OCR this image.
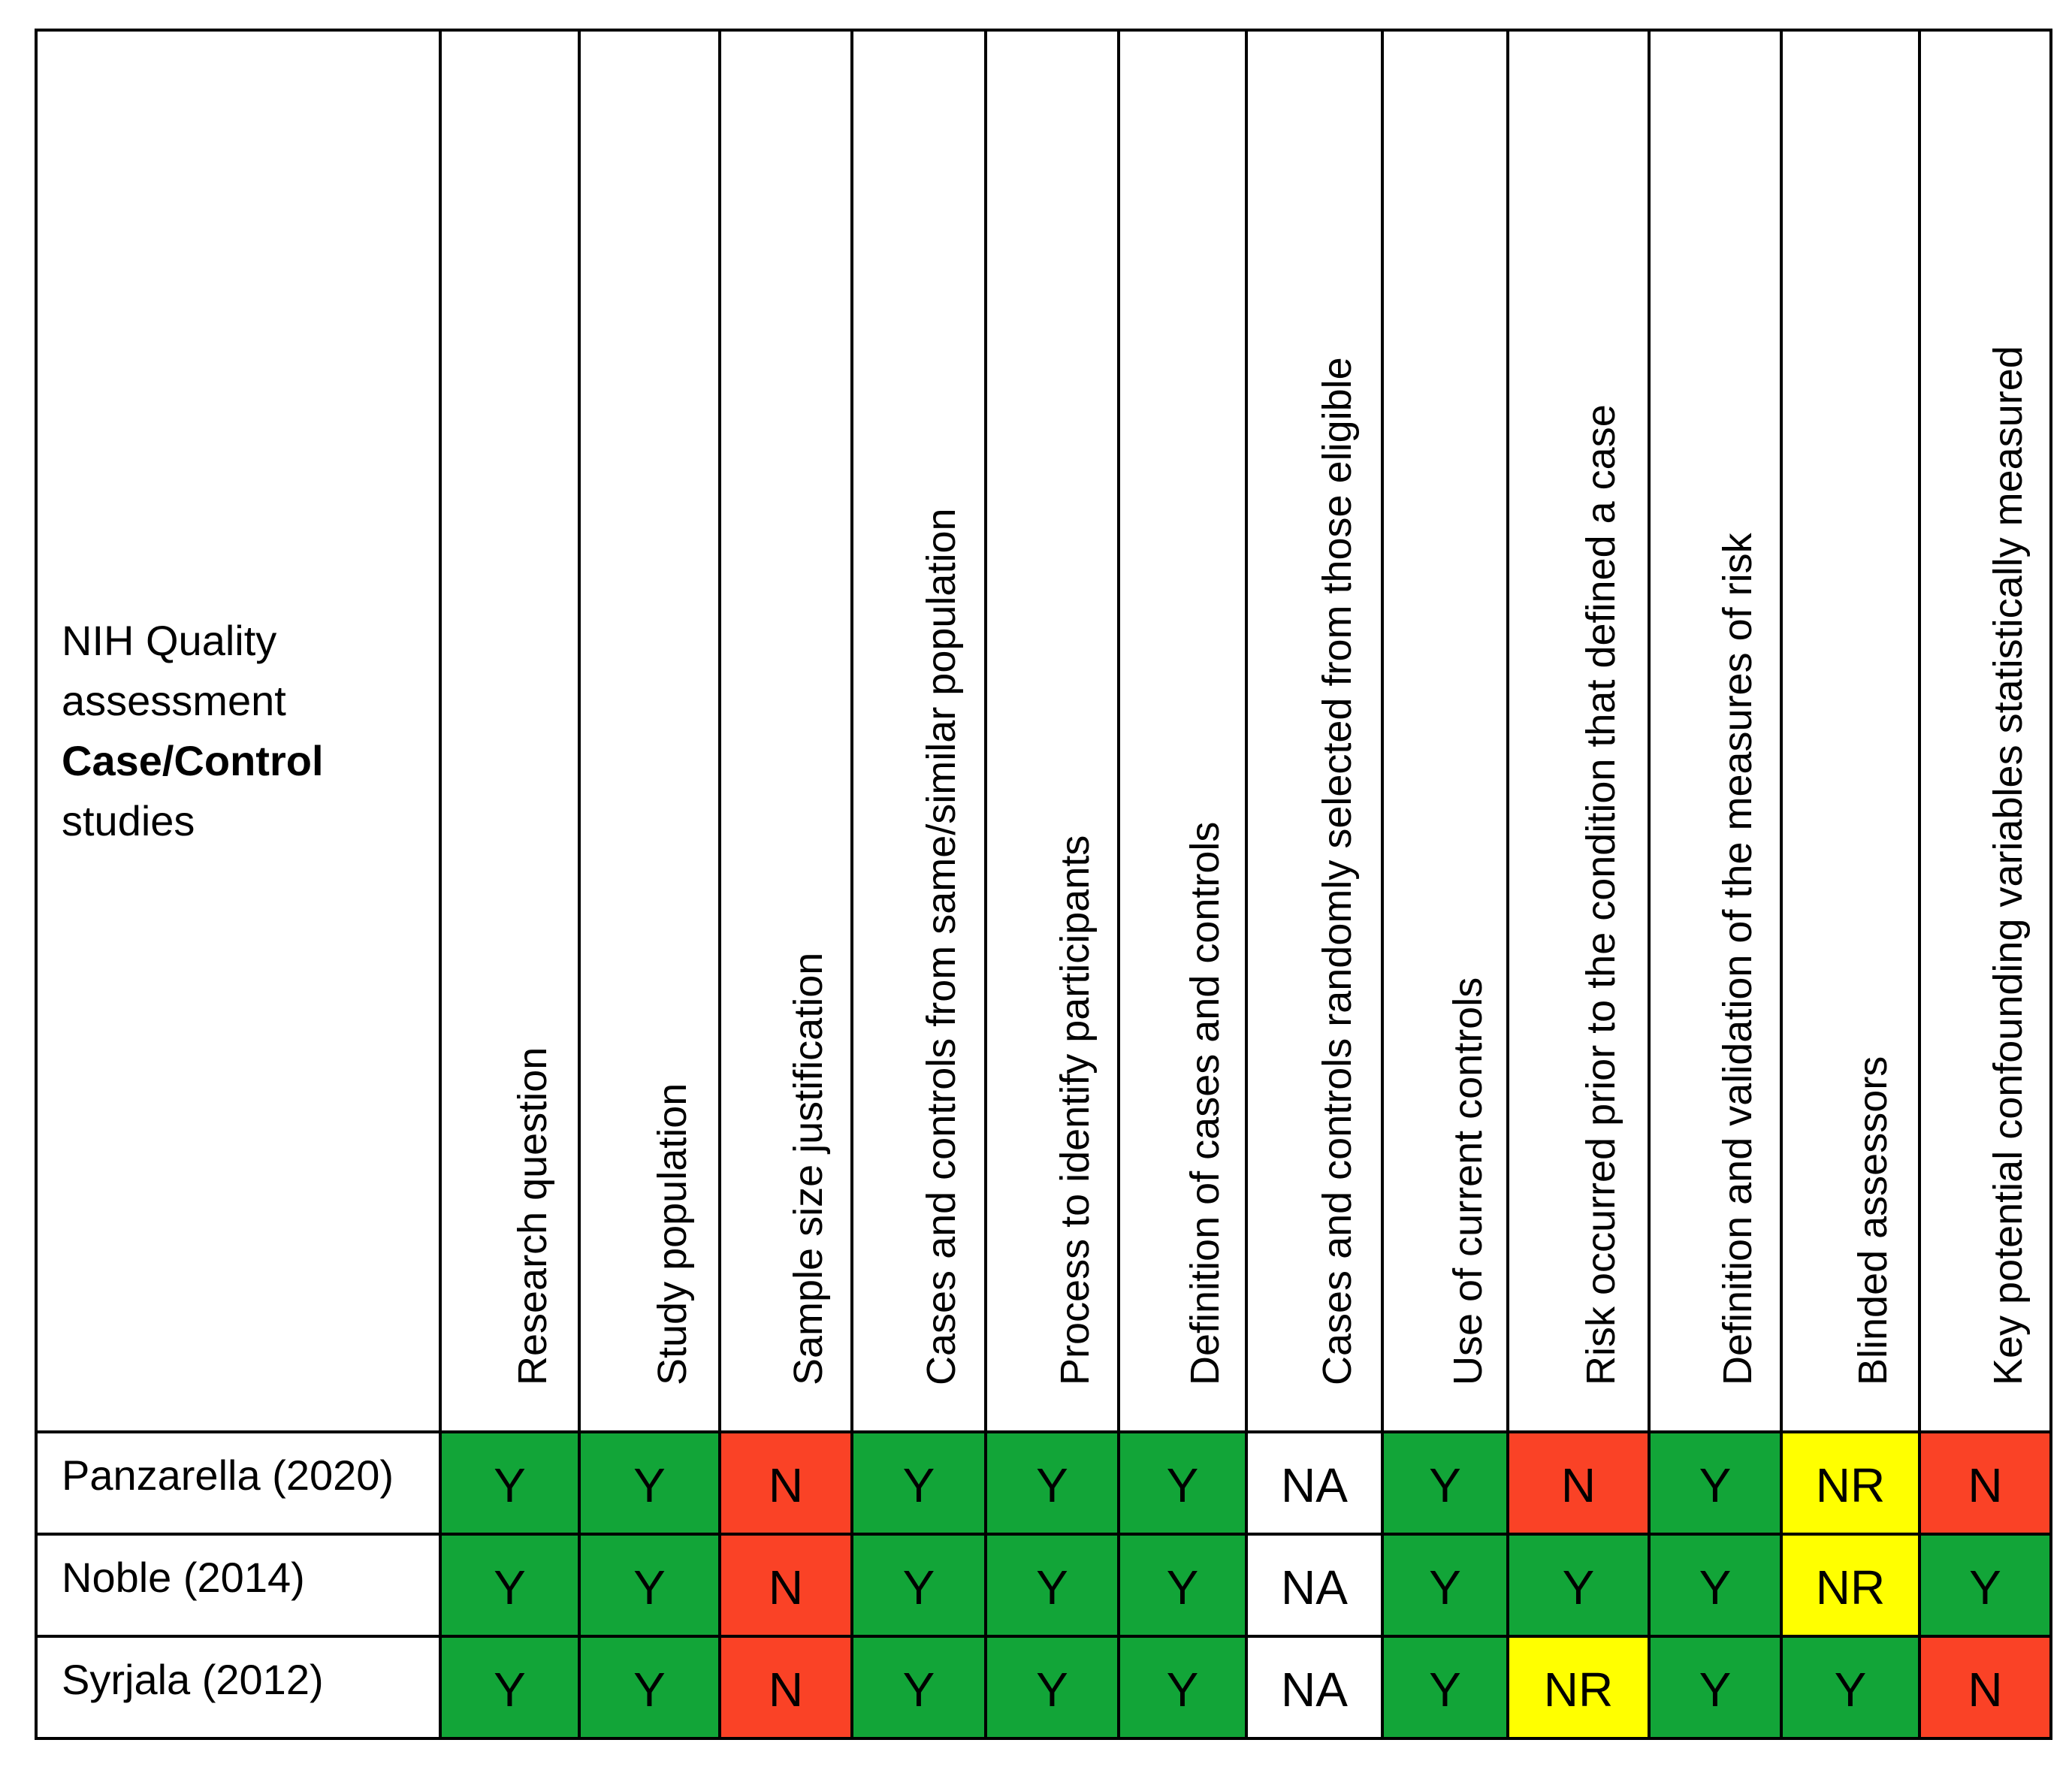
NIH Quality
assessment
Case/Control
studies	Research question	Study population	Sample size justification	Cases and controls from same/similar population	Process to identify participants	Definition of cases and controls	Cases and controls randomly selected from those eligible	Use of current controls	Risk occurred prior to the condition that defined a case	Definition and validation of the measures of risk	Blinded assessors	Key potential confounding variables statistically measured

Panzarella (2020)	Y	Y	N	Y	Y	Y	NA	Y	N	Y	NR	N

Noble (2014)	Y	Y	N	Y	Y	Y	NA	Y	Y	Y	NR	Y

Syrjala (2012)	Y	Y	N	Y	Y	Y	NA	Y	NR	Y	Y	N
